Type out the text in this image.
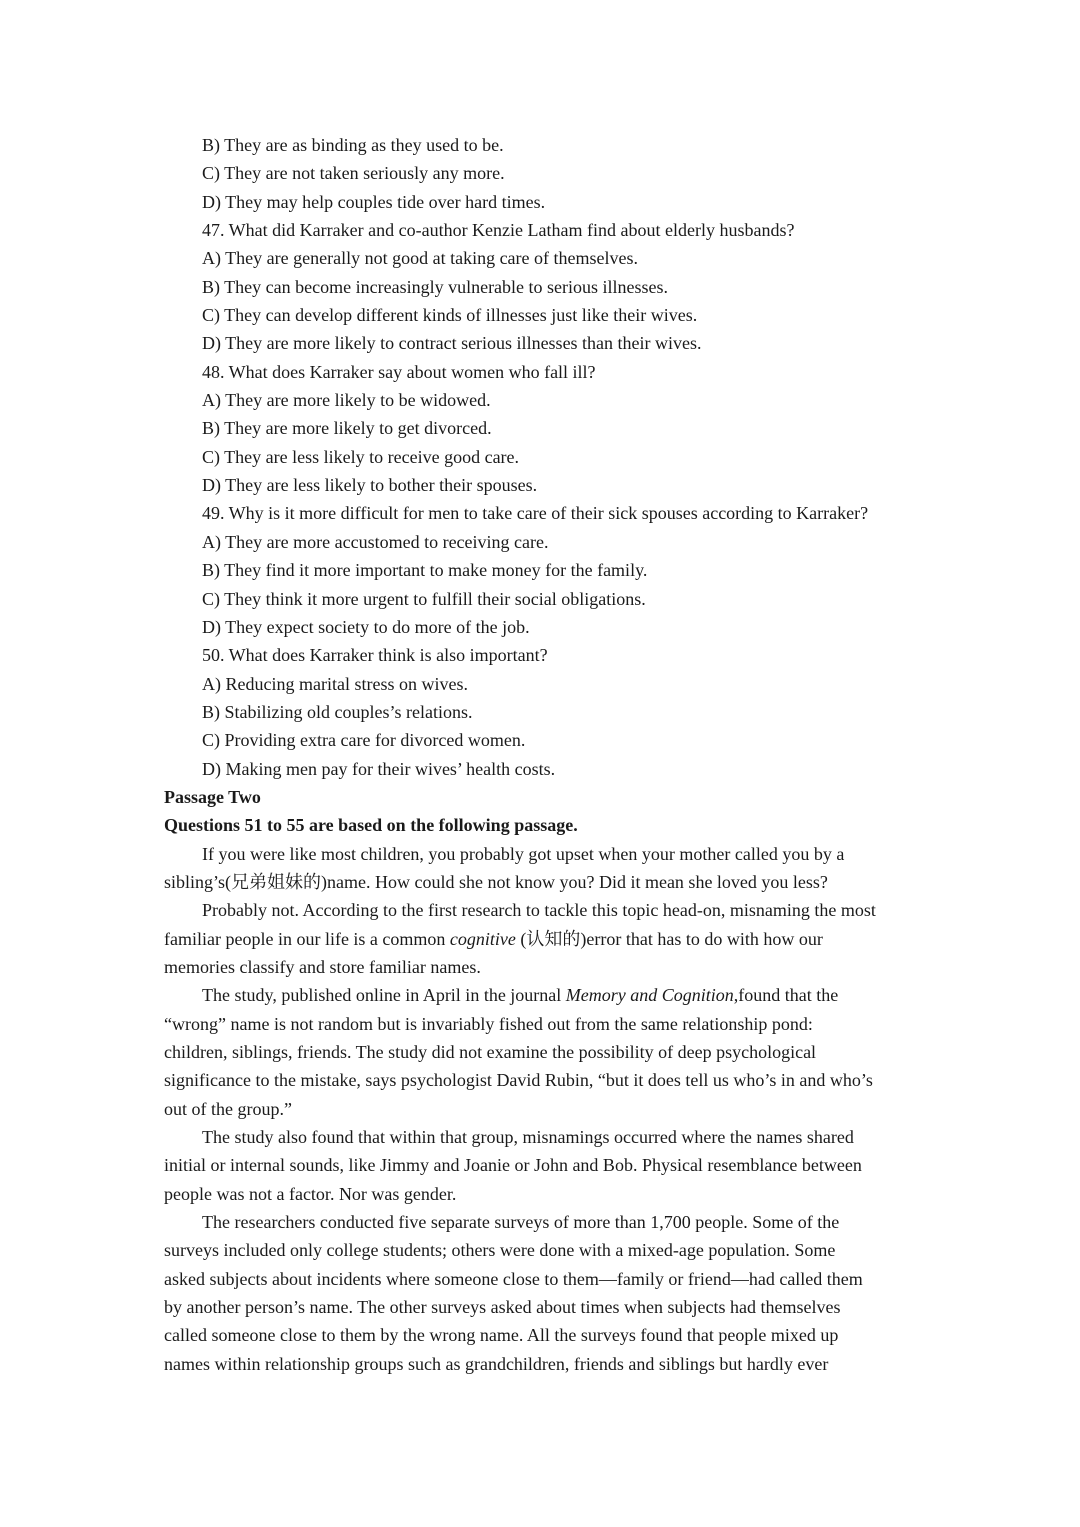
B) They are as binding as they used to be.
C) They are not taken seriously any more.
D) They may help couples tide over hard times.
47. What did Karraker and co-author Kenzie Latham find about elderly husbands?
A) They are generally not good at taking care of themselves.
B) They can become increasingly vulnerable to serious illnesses.
C) They can develop different kinds of illnesses just like their wives.
D) They are more likely to contract serious illnesses than their wives.
48. What does Karraker say about women who fall ill?
A) They are more likely to be widowed.
B) They are more likely to get divorced.
C) They are less likely to receive good care.
D) They are less likely to bother their spouses.
49. Why is it more difficult for men to take care of their sick spouses according to Karraker?
A) They are more accustomed to receiving care.
B) They find it more important to make money for the family.
C) They think it more urgent to fulfill their social obligations.
D) They expect society to do more of the job.
50. What does Karraker think is also important?
A) Reducing marital stress on wives.
B) Stabilizing old couples’s relations.
C) Providing extra care for divorced women.
D) Making men pay for their wives’ health costs.
Passage Two
Questions 51 to 55 are based on the following passage.
If you were like most children, you probably got upset when your mother called you by a
sibling’s(兄弟姐妹的)name. How could she not know you? Did it mean she loved you less?
Probably not. According to the first research to tackle this topic head-on, misnaming the most
familiar people in our life is a common cognitive (认知的)error that has to do with how our
memories classify and store familiar names.
The study, published online in April in the journal Memory and Cognition,found that the
“wrong” name is not random but is invariably fished out from the same relationship pond:
children, siblings, friends. The study did not examine the possibility of deep psychological
significance to the mistake, says psychologist David Rubin, “but it does tell us who’s in and who’s
out of the group.”
The study also found that within that group, misnamings occurred where the names shared
initial or internal sounds, like Jimmy and Joanie or John and Bob. Physical resemblance between
people was not a factor. Nor was gender.
The researchers conducted five separate surveys of more than 1,700 people. Some of the
surveys included only college students; others were done with a mixed-age population. Some
asked subjects about incidents where someone close to them—family or friend—had called them
by another person’s name. The other surveys asked about times when subjects had themselves
called someone close to them by the wrong name. All the surveys found that people mixed up
names within relationship groups such as grandchildren, friends and siblings but hardly ever
